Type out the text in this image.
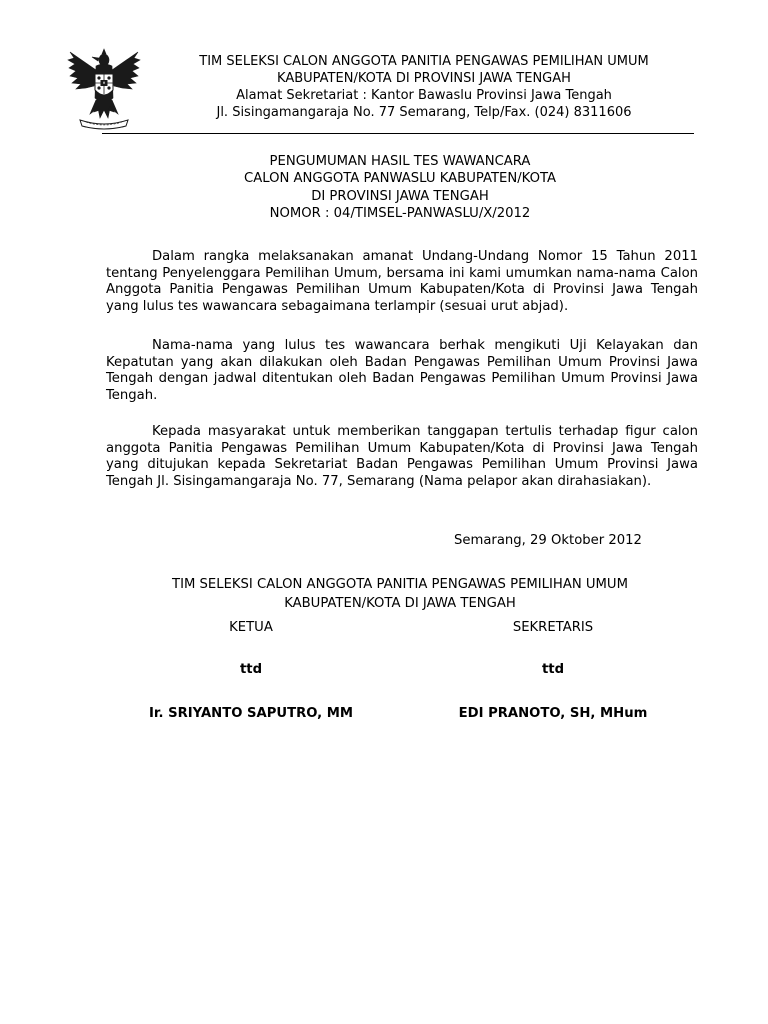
TIM SELEKSI CALON ANGGOTA PANITIA PENGAWAS PEMILIHAN UMUM
KABUPATEN/KOTA DI PROVINSI JAWA TENGAH
Alamat Sekretariat : Kantor Bawaslu Provinsi Jawa Tengah
Jl. Sisingamangaraja No. 77 Semarang, Telp/Fax. (024) 8311606
PENGUMUMAN HASIL TES WAWANCARA
CALON ANGGOTA PANWASLU KABUPATEN/KOTA
DI PROVINSI JAWA TENGAH
NOMOR : 04/TIMSEL-PANWASLU/X/2012
Dalam rangka melaksanakan amanat Undang-Undang Nomor 15 Tahun 2011 tentang Penyelenggara Pemilihan Umum, bersama ini kami umumkan nama-nama Calon Anggota Panitia Pengawas Pemilihan Umum Kabupaten/Kota di Provinsi Jawa Tengah yang lulus tes wawancara sebagaimana terlampir (sesuai urut abjad).
Nama-nama yang lulus tes wawancara berhak mengikuti Uji Kelayakan dan Kepatutan yang akan dilakukan oleh Badan Pengawas Pemilihan Umum Provinsi Jawa Tengah dengan jadwal ditentukan oleh Badan Pengawas Pemilihan Umum Provinsi Jawa Tengah.
Kepada masyarakat untuk memberikan tanggapan tertulis terhadap figur calon anggota Panitia Pengawas Pemilihan Umum Kabupaten/Kota di Provinsi Jawa Tengah yang ditujukan kepada Sekretariat Badan Pengawas Pemilihan Umum Provinsi Jawa Tengah Jl. Sisingamangaraja No. 77, Semarang (Nama pelapor akan dirahasiakan).
Semarang, 29 Oktober 2012
TIM SELEKSI CALON ANGGOTA PANITIA PENGAWAS PEMILIHAN UMUM
KABUPATEN/KOTA DI JAWA TENGAH
KETUA
ttd
Ir. SRIYANTO SAPUTRO, MM
SEKRETARIS
ttd
EDI PRANOTO, SH, MHum
